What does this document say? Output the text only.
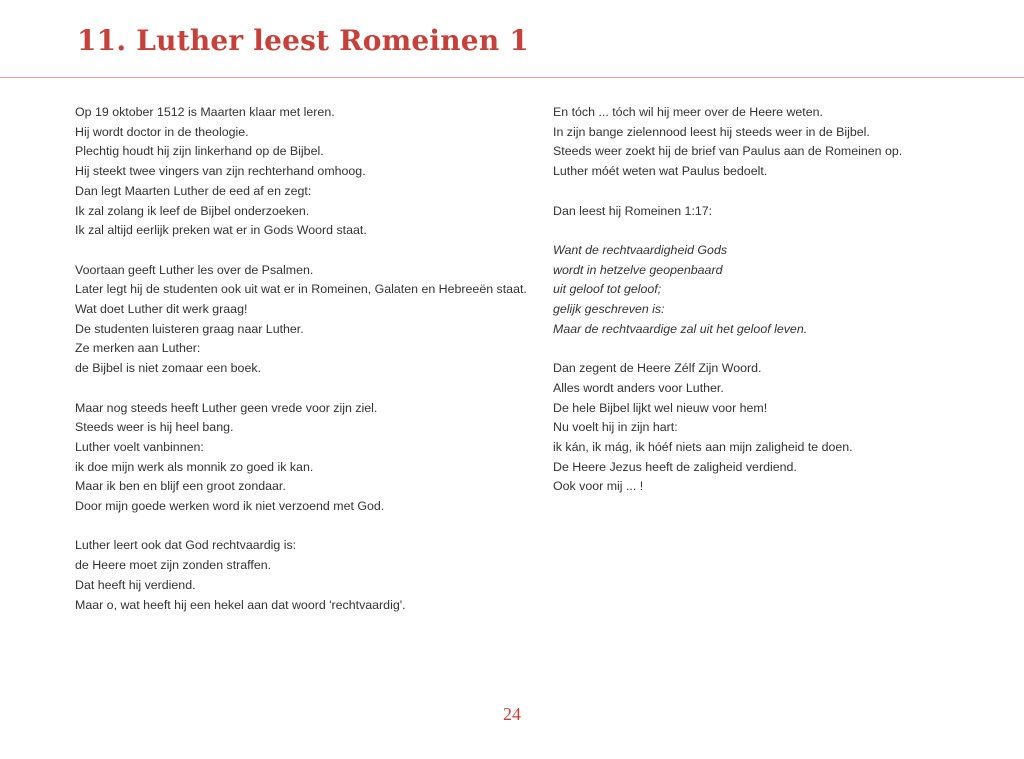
11. Luther leest Romeinen 1

Op 19 oktober 1512 is Maarten klaar met leren.
Hij wordt doctor in de theologie.
Plechtig houdt hij zijn linkerhand op de Bijbel.
Hij steekt twee vingers van zijn rechterhand omhoog.
Dan legt Maarten Luther de eed af en zegt:
Ik zal zolang ik leef de Bijbel onderzoeken.
Ik zal altijd eerlijk preken wat er in Gods Woord staat.

Voortaan geeft Luther les over de Psalmen.
Later legt hij de studenten ook uit wat er in Romeinen, Galaten en Hebreeën staat.
Wat doet Luther dit werk graag!
De studenten luisteren graag naar Luther.
Ze merken aan Luther:
de Bijbel is niet zomaar een boek.

Maar nog steeds heeft Luther geen vrede voor zijn ziel.
Steeds weer is hij heel bang.
Luther voelt vanbinnen:
ik doe mijn werk als monnik zo goed ik kan.
Maar ik ben en blijf een groot zondaar.
Door mijn goede werken word ik niet verzoend met God.

Luther leert ook dat God rechtvaardig is:
de Heere moet zijn zonden straffen.
Dat heeft hij verdiend.
Maar o, wat heeft hij een hekel aan dat woord 'rechtvaardig'.

En tóch ... tóch wil hij meer over de Heere weten.
In zijn bange zielennood leest hij steeds weer in de Bijbel.
Steeds weer zoekt hij de brief van Paulus aan de Romeinen op.
Luther móét weten wat Paulus bedoelt.

Dan leest hij Romeinen 1:17:

Want de rechtvaardigheid Gods
wordt in hetzelve geopenbaard
uit geloof tot geloof;
gelijk geschreven is:
Maar de rechtvaardige zal uit het geloof leven.

Dan zegent de Heere Zélf Zijn Woord.
Alles wordt anders voor Luther.
De hele Bijbel lijkt wel nieuw voor hem!
Nu voelt hij in zijn hart:
ik kán, ik mág, ik hóéf niets aan mijn zaligheid te doen.
De Heere Jezus heeft de zaligheid verdiend.
Ook voor mij ... !

24
